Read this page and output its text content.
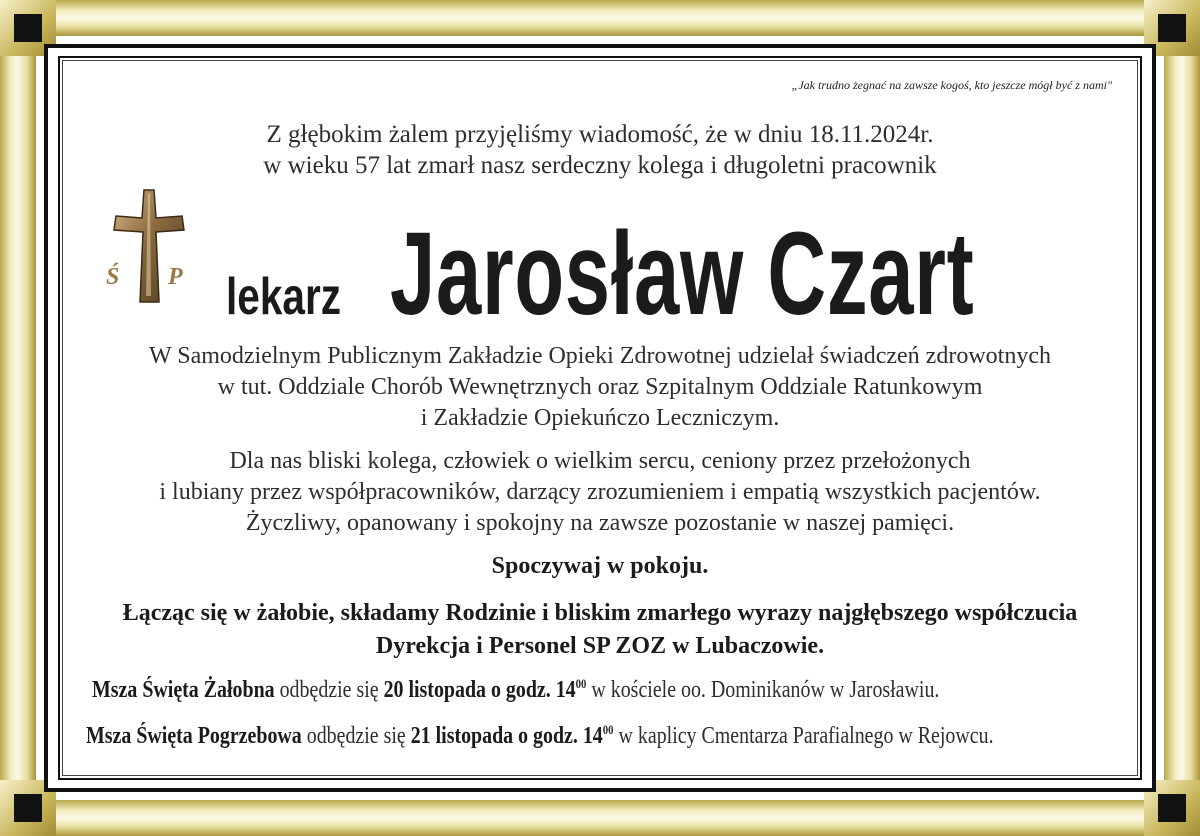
„Jak trudno żegnać na zawsze kogoś, kto jeszcze mógł być z nami"
Z głębokim żalem przyjęliśmy wiadomość, że w dniu 18.11.2024r.
w wieku 57 lat zmarł nasz serdeczny kolega i długoletni pracownik
Ś P lekarz Jarosław Czart
W Samodzielnym Publicznym Zakładzie Opieki Zdrowotnej udzielał świadczeń zdrowotnych
w tut. Oddziale Chorób Wewnętrznych oraz Szpitalnym Oddziale Ratunkowym
i Zakładzie Opiekuńczo Leczniczym.
Dla nas bliski kolega, człowiek o wielkim sercu, ceniony przez przełożonych
i lubiany przez współpracowników, darzący zrozumieniem i empatią wszystkich pacjentów.
Życzliwy, opanowany i spokojny na zawsze pozostanie w naszej pamięci.
Spoczywaj w pokoju.
Łącząc się w żałobie, składamy Rodzinie i bliskim zmarłego wyrazy najgłębszego współczucia
Dyrekcja i Personel SP ZOZ w Lubaczowie.
Msza Święta Żałobna odbędzie się 20 listopada o godz. $14^{00}$ w kościele oo. Dominikanów w Jarosławiu.
Msza Święta Pogrzebowa odbędzie się 21 listopada o godz. $14^{00}$ w kaplicy Cmentarza Parafialnego w Rejowcu.
